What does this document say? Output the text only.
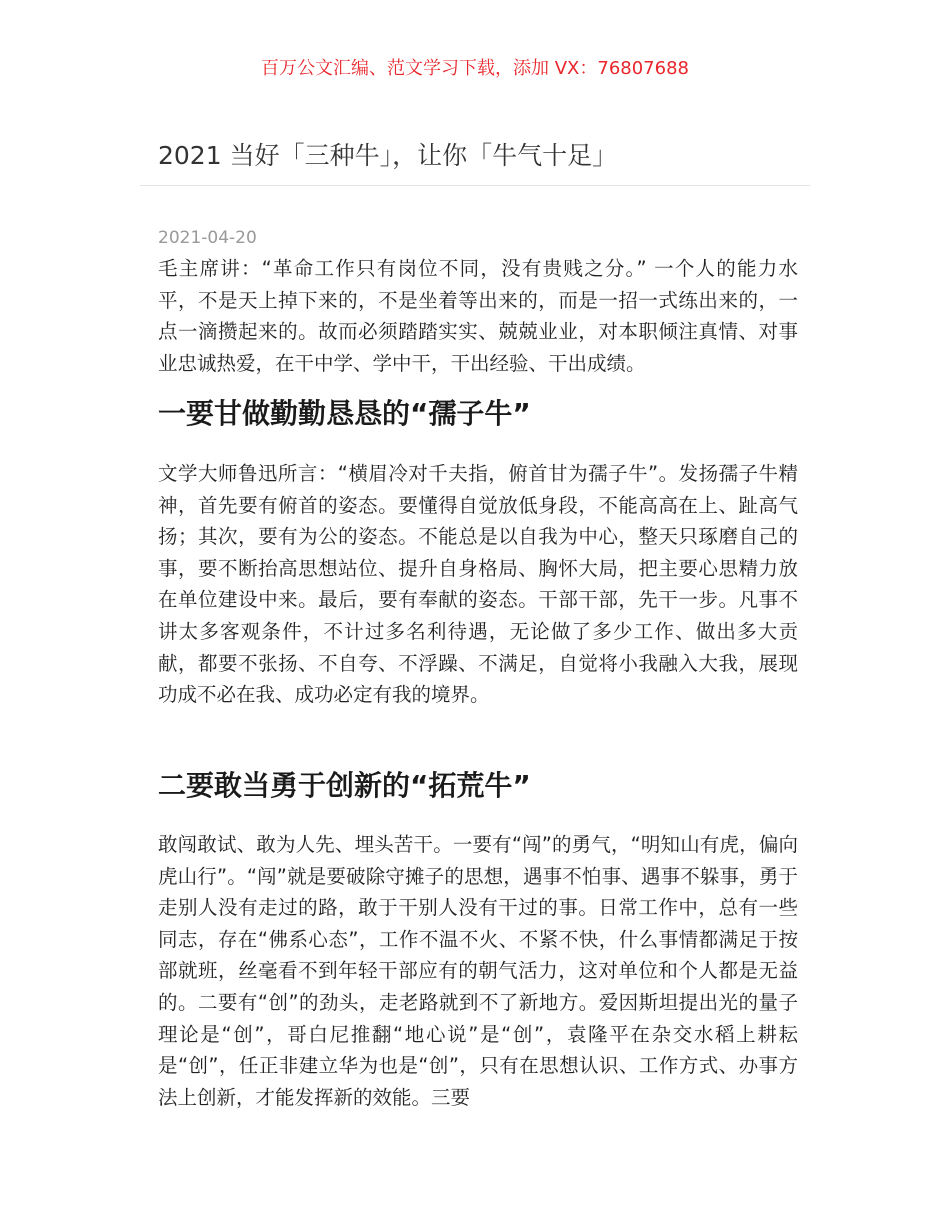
百万公文汇编、范文学习下载，添加 VX：76807688
2021 当好「三种牛」，让你「牛气十足」
2021-04-20

毛主席讲：“革命工作只有岗位不同，没有贵贱之分。” 一个人的能力水平，不是天上掉下来的，不是坐着等出来的，而是一招一式练出来的，一点一滴攒起来的。故而必须踏踏实实、兢兢业业，对本职倾注真情、对事业忠诚热爱，在干中学、学中干，干出经验、干出成绩。

一要甘做勤勤恳恳的“孺子牛”

文学大师鲁迅所言：“横眉冷对千夫指，俯首甘为孺子牛”。发扬孺子牛精神，首先要有俯首的姿态。要懂得自觉放低身段，不能高高在上、趾高气扬；其次，要有为公的姿态。不能总是以自我为中心，整天只琢磨自己的事，要不断抬高思想站位、提升自身格局、胸怀大局，把主要心思精力放在单位建设中来。最后，要有奉献的姿态。干部干部，先干一步。凡事不讲太多客观条件，不计过多名利待遇，无论做了多少工作、做出多大贡献，都要不张扬、不自夸、不浮躁、不满足，自觉将小我融入大我，展现功成不必在我、成功必定有我的境界。

二要敢当勇于创新的“拓荒牛”

敢闯敢试、敢为人先、埋头苦干。一要有“闯”的勇气，“明知山有虎，偏向虎山行”。“闯”就是要破除守摊子的思想，遇事不怕事、遇事不躲事，勇于走别人没有走过的路，敢于干别人没有干过的事。日常工作中，总有一些同志，存在“佛系心态”，工作不温不火、不紧不快，什么事情都满足于按部就班，丝毫看不到年轻干部应有的朝气活力，这对单位和个人都是无益的。二要有“创”的劲头，走老路就到不了新地方。爱因斯坦提出光的量子理论是“创”，哥白尼推翻“地心说”是“创”，袁隆平在杂交水稻上耕耘是“创”，任正非建立华为也是“创”，只有在思想认识、工作方式、办事方法上创新，才能发挥新的效能。三要
